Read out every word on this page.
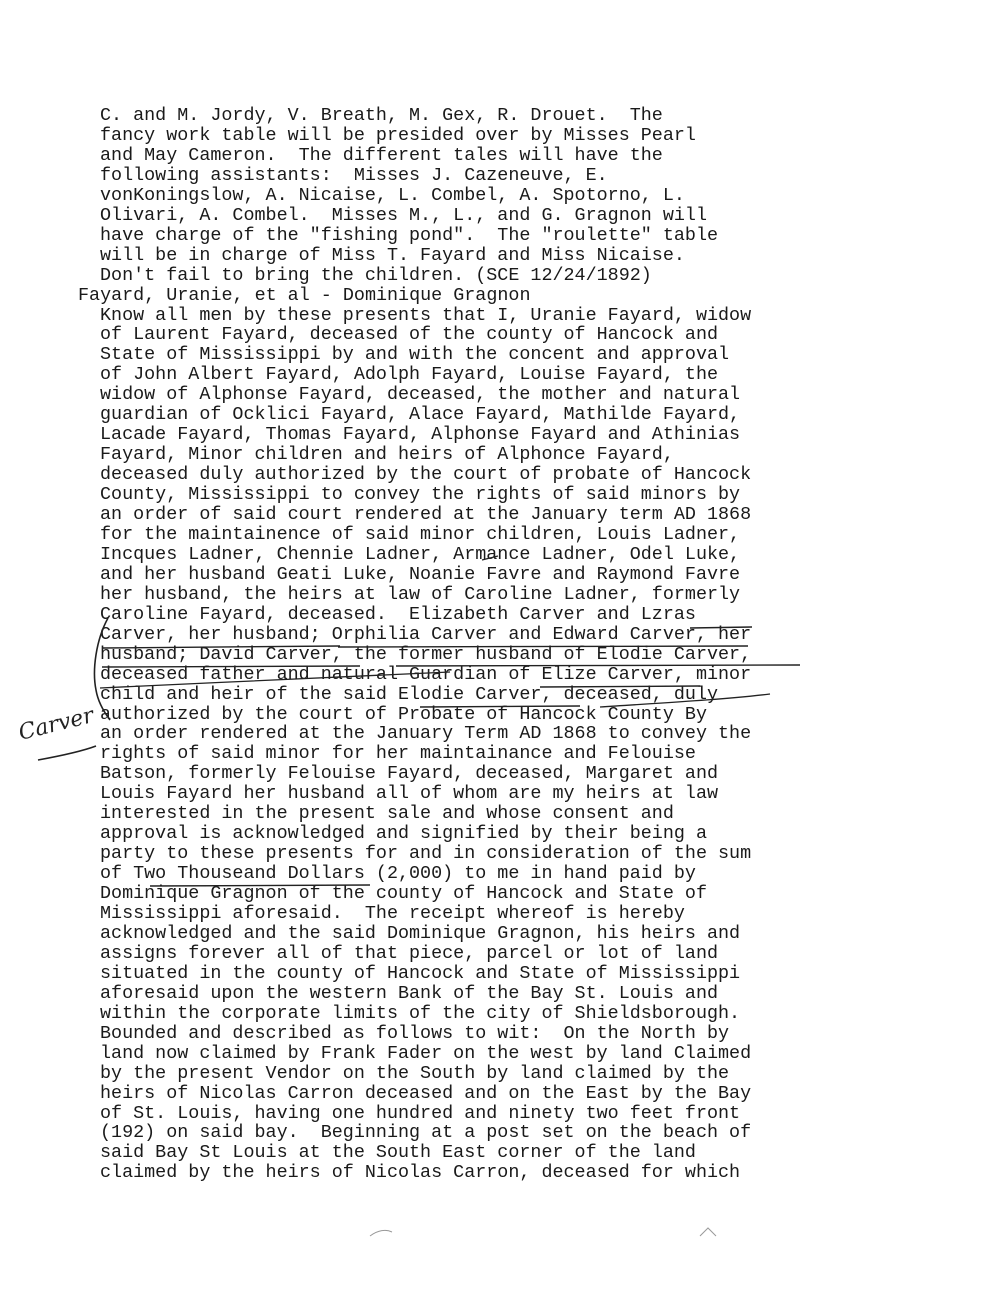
C. and M. Jordy, V. Breath, M. Gex, R. Drouet.  The
fancy work table will be presided over by Misses Pearl
and May Cameron.  The different tales will have the
following assistants:  Misses J. Cazeneuve, E.
vonKoningslow, A. Nicaise, L. Combel, A. Spotorno, L.
Olivari, A. Combel.  Misses M., L., and G. Gragnon will
have charge of the "fishing pond".  The "roulette" table
will be in charge of Miss T. Fayard and Miss Nicaise.
Don't fail to bring the children. (SCE 12/24/1892)
Fayard, Uranie, et al - Dominique Gragnon
Know all men by these presents that I, Uranie Fayard, widow
of Laurent Fayard, deceased of the county of Hancock and
State of Mississippi by and with the concent and approval
of John Albert Fayard, Adolph Fayard, Louise Fayard, the
widow of Alphonse Fayard, deceased, the mother and natural
guardian of Ocklici Fayard, Alace Fayard, Mathilde Fayard,
Lacade Fayard, Thomas Fayard, Alphonse Fayard and Athinias
Fayard, Minor children and heirs of Alphonce Fayard,
deceased duly authorized by the court of probate of Hancock
County, Mississippi to convey the rights of said minors by
an order of said court rendered at the January term AD 1868
for the maintainence of said minor children, Louis Ladner,
Incques Ladner, Chennie Ladner, Armance Ladner, Odel Luke,
and her husband Geati Luke, Noanie Favre and Raymond Favre
her husband, the heirs at law of Caroline Ladner, formerly
Caroline Fayard, deceased.  Elizabeth Carver and Lzras
Carver, her husband; Orphilia Carver and Edward Carver, her
husband; David Carver, the former husband of Elodie Carver,
deceased father and natural Guardian of Elize Carver, minor
child and heir of the said Elodie Carver, deceased, duly
authorized by the court of Probate of Hancock County By
an order rendered at the January Term AD 1868 to convey the
rights of said minor for her maintainance and Felouise
Batson, formerly Felouise Fayard, deceased, Margaret and
Louis Fayard her husband all of whom are my heirs at law
interested in the present sale and whose consent and
approval is acknowledged and signified by their being a
party to these presents for and in consideration of the sum
of Two Thouseand Dollars (2,000) to me in hand paid by
Dominique Gragnon of the county of Hancock and State of
Mississippi aforesaid.  The receipt whereof is hereby
acknowledged and the said Dominique Gragnon, his heirs and
assigns forever all of that piece, parcel or lot of land
situated in the county of Hancock and State of Mississippi
aforesaid upon the western Bank of the Bay St. Louis and
within the corporate limits of the city of Shieldsborough.
Bounded and described as follows to wit:  On the North by
land now claimed by Frank Fader on the west by land Claimed
by the present Vendor on the South by land claimed by the
heirs of Nicolas Carron deceased and on the East by the Bay
of St. Louis, having one hundred and ninety two feet front
(192) on said bay.  Beginning at a post set on the beach of
said Bay St Louis at the South East corner of the land
claimed by the heirs of Nicolas Carron, deceased for which
Carver
